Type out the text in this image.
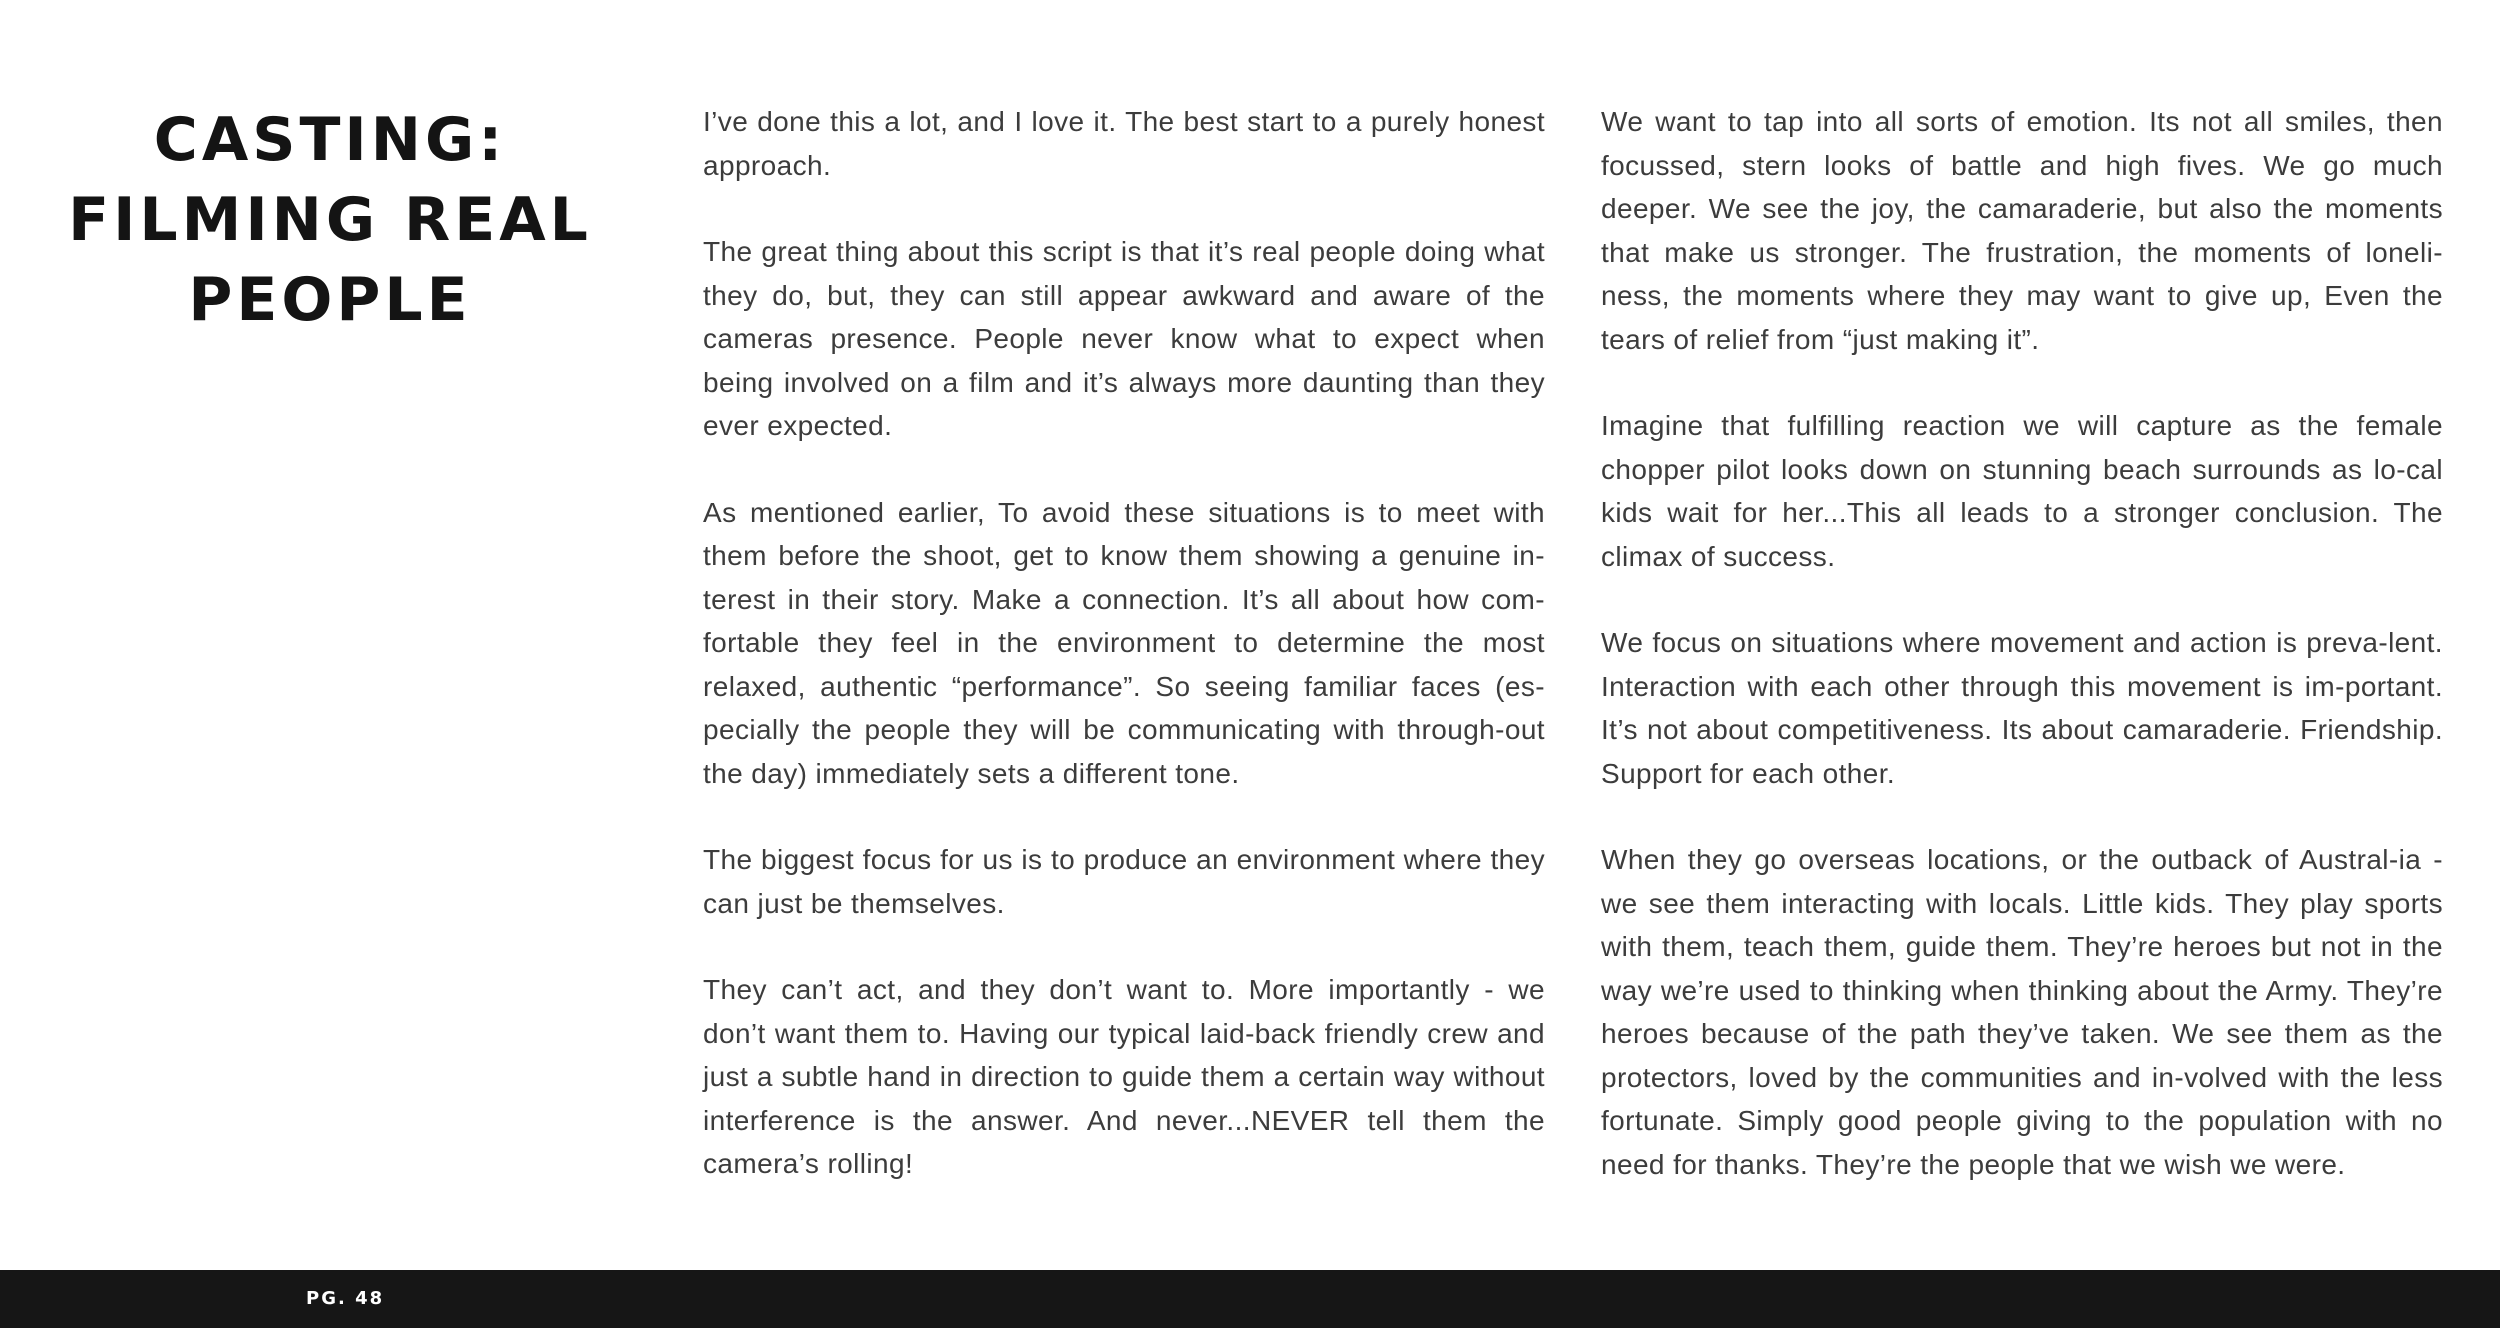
CASTING:
FILMING REAL
PEOPLE

I’ve done this a lot, and I love it. The best start to a purely honest approach.

The great thing about this script is that it’s real people doing what they do, but, they can still appear awkward and aware of the cameras presence. People never know what to expect when being involved on a film and it’s always more daunting than they ever expected.

As mentioned earlier, To avoid these situations is to meet with them before the shoot, get to know them showing a genuine in-terest in their story. Make a connection. It’s all about how com-fortable they feel in the environment to determine the most relaxed, authentic “performance”. So seeing familiar faces (es-pecially the people they will be communicating with through-out the day) immediately sets a different tone.

The biggest focus for us is to produce an environment where they can just be themselves.

They can’t act, and they don’t want to. More importantly - we don’t want them to. Having our typical laid-back friendly crew and just a subtle hand in direction to guide them a certain way without interference is the answer. And never...NEVER tell them the camera’s rolling!

We want to tap into all sorts of emotion. Its not all smiles, then focussed, stern looks of battle and high fives. We go much deeper. We see the joy, the camaraderie, but also the moments that make us stronger. The frustration, the moments of loneli-ness, the moments where they may want to give up, Even the tears of relief from “just making it”.

Imagine that fulfilling reaction we will capture as the female chopper pilot looks down on stunning beach surrounds as lo-cal kids wait for her...This all leads to a stronger conclusion. The climax of success.

We focus on situations where movement and action is preva-lent. Interaction with each other through this movement is im-portant. It’s not about competitiveness. Its about camaraderie. Friendship. Support for each other.

When they go overseas locations, or the outback of Austral-ia - we see them interacting with locals. Little kids. They play sports with them, teach them, guide them. They’re heroes but not in the way we’re used to thinking when thinking about the Army. They’re heroes because of the path they’ve taken. We see them as the protectors, loved by the communities and in-volved with the less fortunate. Simply good people giving to the population with no need for thanks. They’re the people that we wish we were.

PG. 48
